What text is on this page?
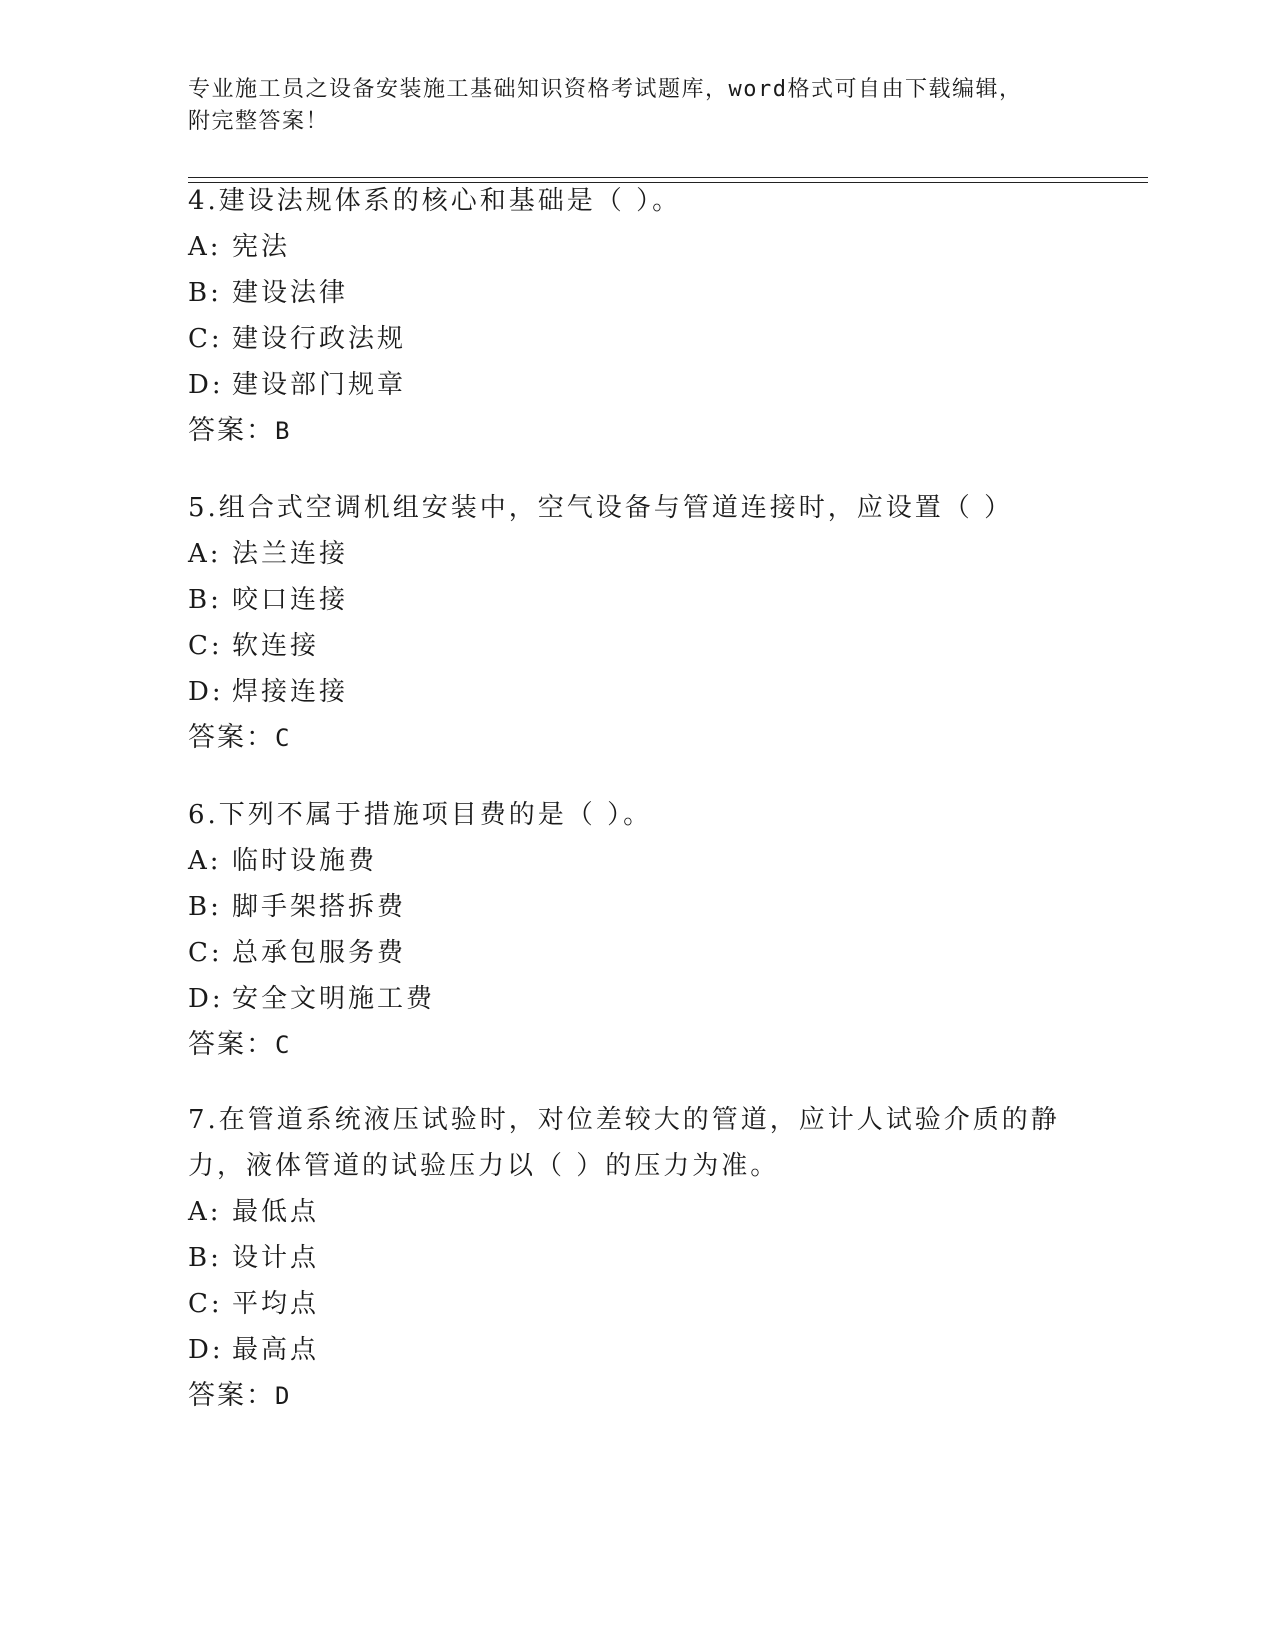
专业施工员之设备安装施工基础知识资格考试题库，word格式可自由下载编辑，
附完整答案！
4.建设法规体系的核心和基础是（ ）。
A: 宪法
B: 建设法律
C: 建设行政法规
D: 建设部门规章
答案：B
5.组合式空调机组安装中，空气设备与管道连接时，应设置（ ）
A: 法兰连接
B: 咬口连接
C: 软连接
D: 焊接连接
答案：C
6.下列不属于措施项目费的是（ ）。
A: 临时设施费
B: 脚手架搭拆费
C: 总承包服务费
D: 安全文明施工费
答案：C
7.在管道系统液压试验时，对位差较大的管道，应计人试验介质的静
力，液体管道的试验压力以（ ）的压力为准。
A: 最低点
B: 设计点
C: 平均点
D: 最高点
答案：D
